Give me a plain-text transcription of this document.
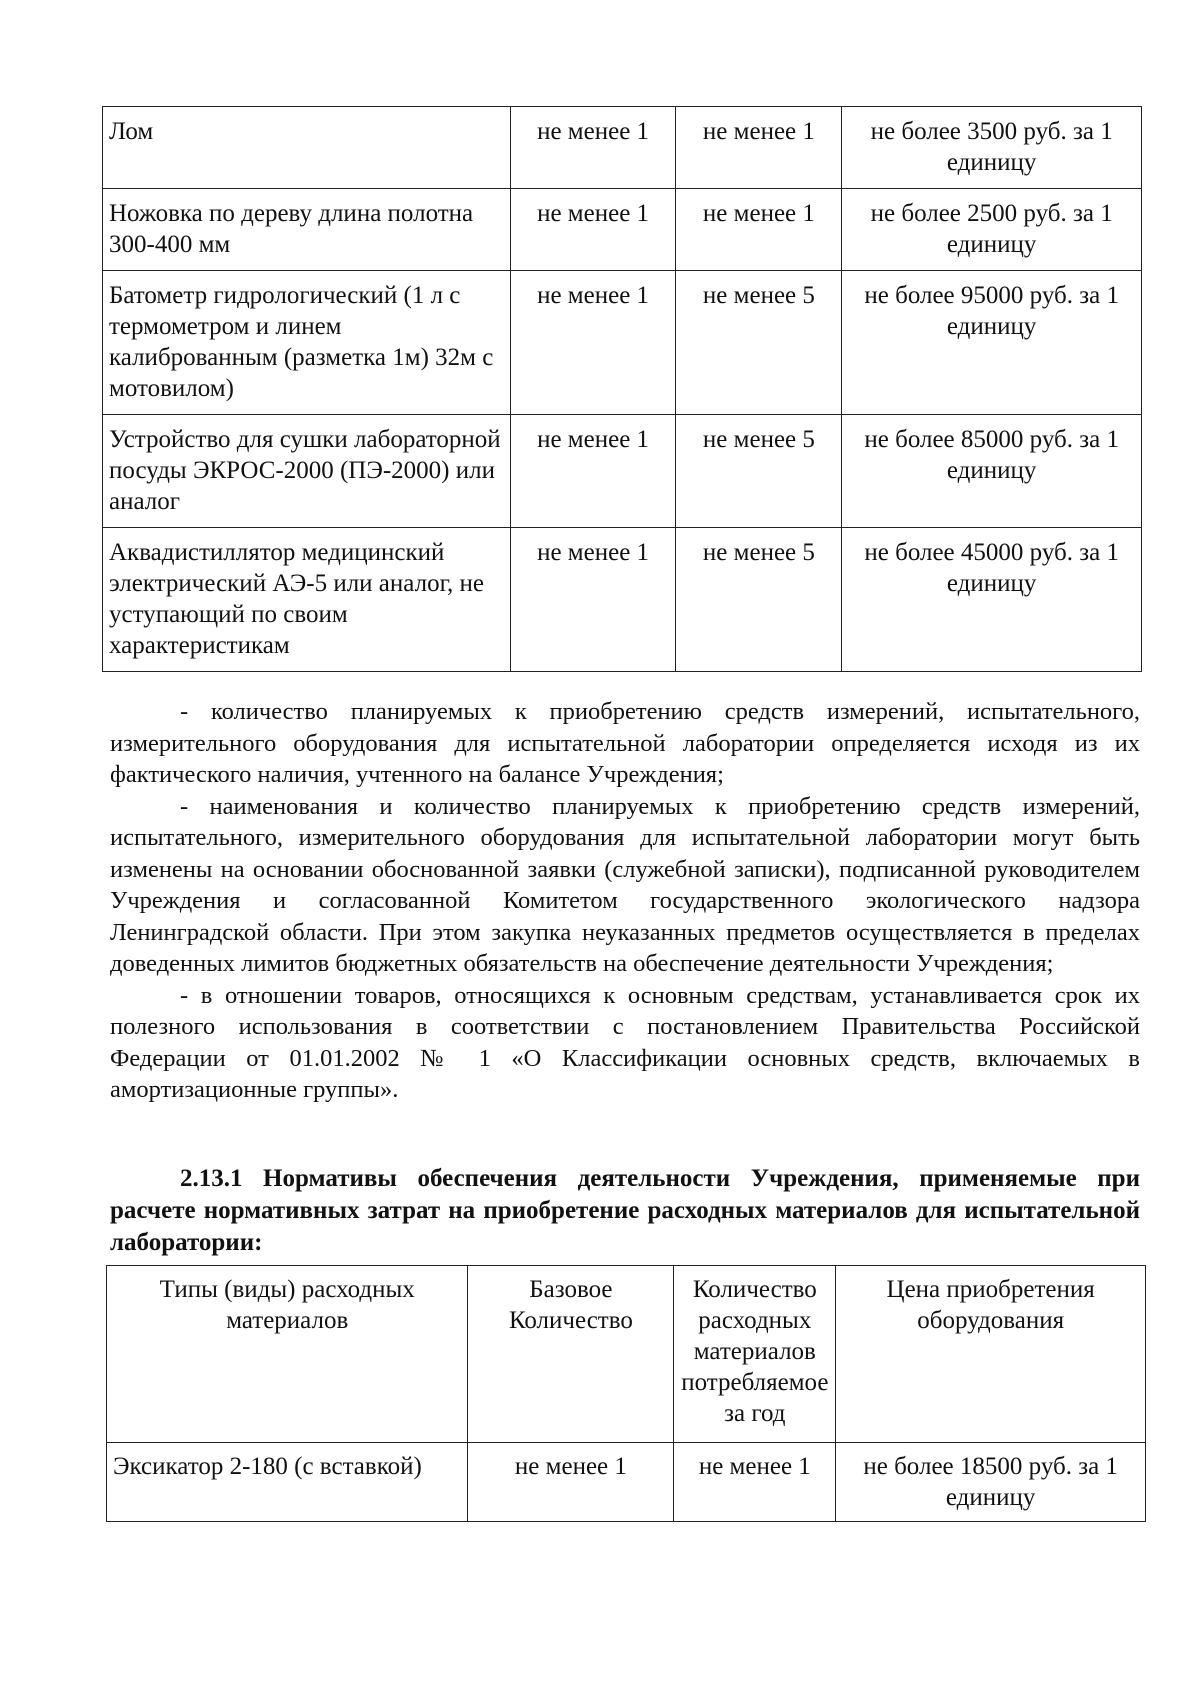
Лом	не менее 1	не менее 1	не более 3500 руб. за 1 единицу
Ножовка по дереву длина полотна 300-400 мм	не менее 1	не менее 1	не более 2500 руб. за 1 единицу
Батометр гидрологический (1 л с термометром и линем калиброванным (разметка 1м) 32м с мотовилом)	не менее 1	не менее 5	не более 95000 руб. за 1 единицу
Устройство для сушки лабораторной посуды ЭКРОС-2000 (ПЭ-2000) или аналог	не менее 1	не менее 5	не более 85000 руб. за 1 единицу
Аквадистиллятор медицинский электрический АЭ-5 или аналог, не уступающий по своим характеристикам	не менее 1	не менее 5	не более 45000 руб. за 1 единицу

- количество планируемых к приобретению средств измерений, испытательного, измерительного оборудования для испытательной лаборатории определяется исходя из их фактического наличия, учтенного на балансе Учреждения;

- наименования и количество планируемых к приобретению средств измерений, испытательного, измерительного оборудования для испытательной лаборатории могут быть изменены на основании обоснованной заявки (служебной записки), подписанной руководителем Учреждения и согласованной Комитетом государственного экологического надзора Ленинградской области. При этом закупка неуказанных предметов осуществляется в пределах доведенных лимитов бюджетных обязательств на обеспечение деятельности Учреждения;

- в отношении товаров, относящихся к основным средствам, устанавливается срок их полезного использования в соответствии с постановлением Правительства Российской Федерации от 01.01.2002 № 1 «О Классификации основных средств, включаемых в амортизационные группы».

2.13.1 Нормативы обеспечения деятельности Учреждения, применяемые при расчете нормативных затрат на приобретение расходных материалов для испытательной лаборатории:

Типы (виды) расходных материалов	Базовое Количество	Количество расходных материалов потребляемое за год	Цена приобретения оборудования
Эксикатор 2-180 (с вставкой)	не менее 1	не менее 1	не более 18500 руб. за 1 единицу
